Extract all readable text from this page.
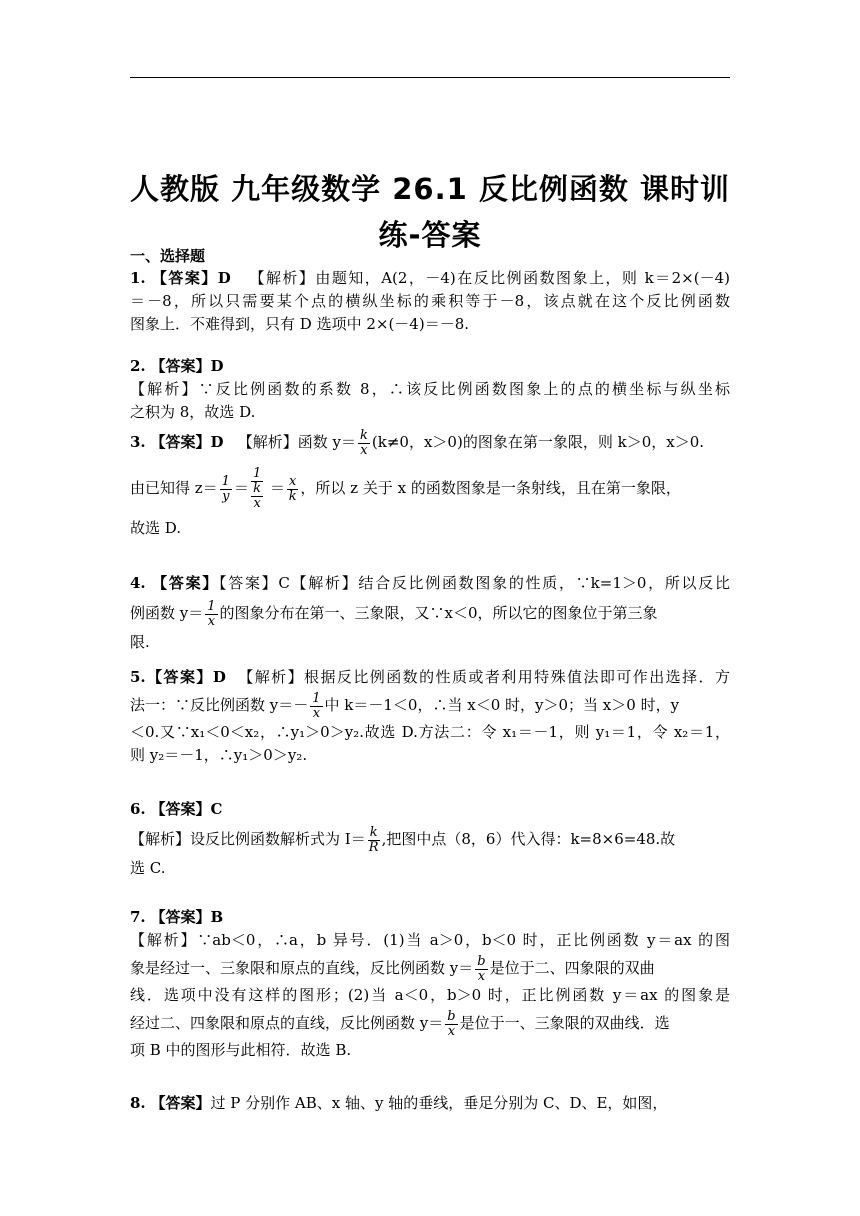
人教版 九年级数学 26.1 反比例函数 课时训
练-答案
一、选择题

1. 【答案】D 【解析】由题知，A(2，－4)在反比例函数图象上，则 k＝2×(－4)

＝－8，所以只需要某个点的横纵坐标的乘积等于－8，该点就在这个反比例函数

图象上．不难得到，只有 D 选项中 2×(－4)＝－8.

2. 【答案】D

【解析】∵反比例函数的系数 8，∴该反比例函数图象上的点的横坐标与纵坐标

之积为 8，故选 D.

3. 【答案】D 【解析】函数 $y= \frac{k}{x} (k\ne 0$，x＞0)的图象在第一象限，则 k＞0，x＞0.

由已知得 $z= \frac{1}{y}$ ＝
1
k
x
＝ $\frac{x}{k}$ ，所以 z 关于 x 的函数图象是一条射线，且在第一象限，

故选 D.

4. 【答案】【答案】C【解析】结合反比例函数图象的性质，∵k=1＞0，所以反比

例函数 $y= \frac{1}{x}$ 的图象分布在第一、三象限，又∵x＜0，所以它的图象位于第三象

限.

5.【答案】D 【解析】根据反比例函数的性质或者利用特殊值法即可作出选择．方

法一：∵反比例函数 $y=- \frac{1}{x}$ 中 k＝－1＜0，∴当 x＜0 时，y＞0；当 x＞0 时，y

＜0.又∵x₁＜0＜x₂，∴y₁＞0＞y₂.故选 D.方法二：令 x₁＝－1，则 y₁＝1，令 x₂＝1，

则 y₂＝－1，∴y₁＞0＞y₂.

6. 【答案】C

【解析】设反比例函数解析式为 $I= \frac{k}{R}$ ,把图中点（8，6）代入得：k=8×6=48.故

选 C.

7. 【答案】B

【解析】∵ab＜0，∴a，b 异号．(1)当 a＞0，b＜0 时，正比例函数 y＝ax 的图

象是经过一、三象限和原点的直线，反比例函数 $y= \frac{b}{x}$ 是位于二、四象限的双曲

线．选项中没有这样的图形；(2)当 a＜0，b＞0 时，正比例函数 y＝ax 的图象是

经过二、四象限和原点的直线，反比例函数 $y= \frac{b}{x}$ 是位于一、三象限的双曲线．选

项 B 中的图形与此相符．故选 B.

8. 【答案】过 P 分别作 AB、x 轴、y 轴的垂线，垂足分别为 C、D、E，如图，
